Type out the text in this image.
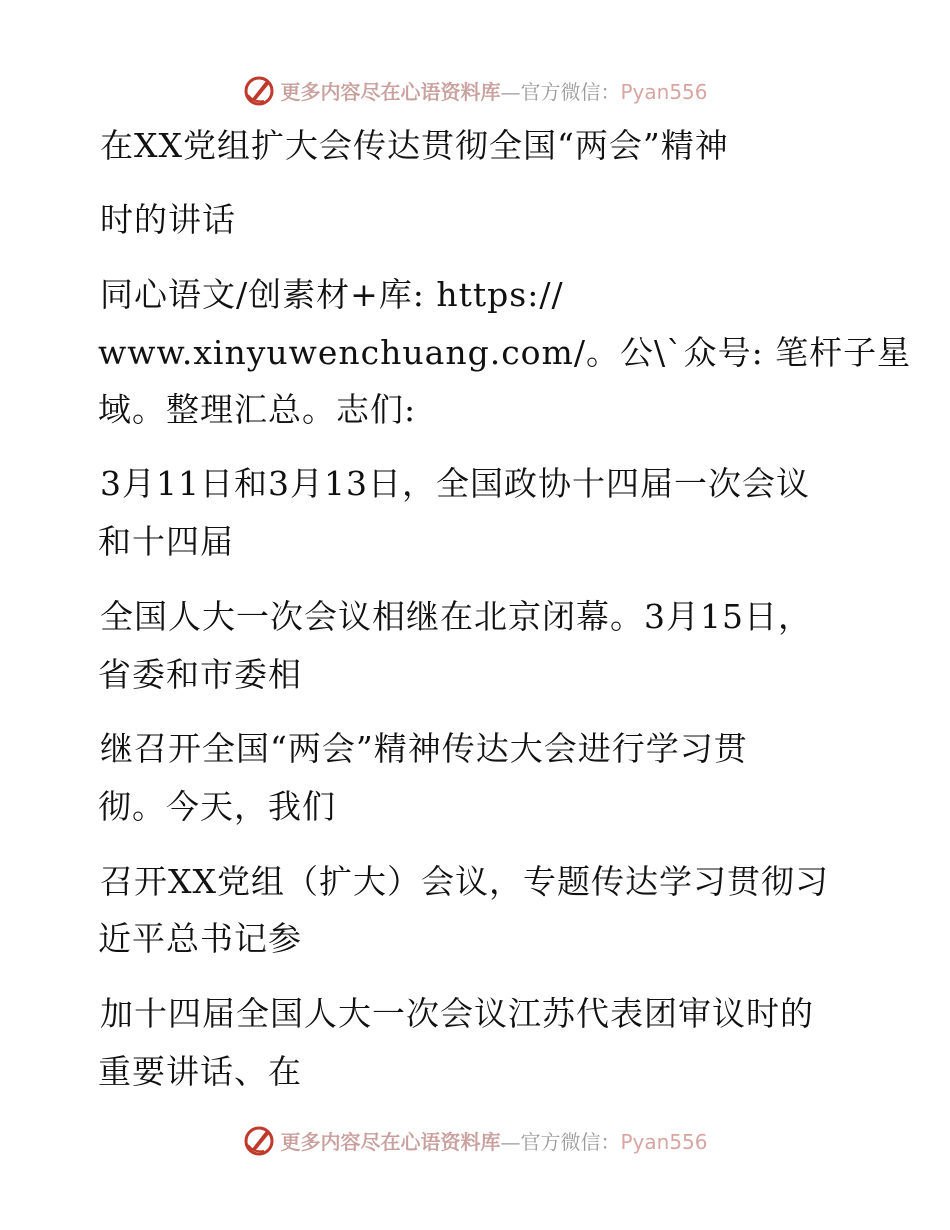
更多内容尽在心语资料库—官方微信：Pyan556
在XX党组扩大会传达贯彻全国“两会”精神
时的讲话
同心语文/创素材+库: https://
www.xinyuwenchuang.com/。公\`众号: 笔杆子星
域。整理汇总。志们:
3月11日和3月13日，全国政协十四届一次会议
和十四届
全国人大一次会议相继在北京闭幕。3月15日，
省委和市委相
继召开全国“两会”精神传达大会进行学习贯
彻。今天，我们
召开XX党组（扩大）会议，专题传达学习贯彻习
近平总书记参
加十四届全国人大一次会议江苏代表团审议时的
重要讲话、在
更多内容尽在心语资料库—官方微信：Pyan556
